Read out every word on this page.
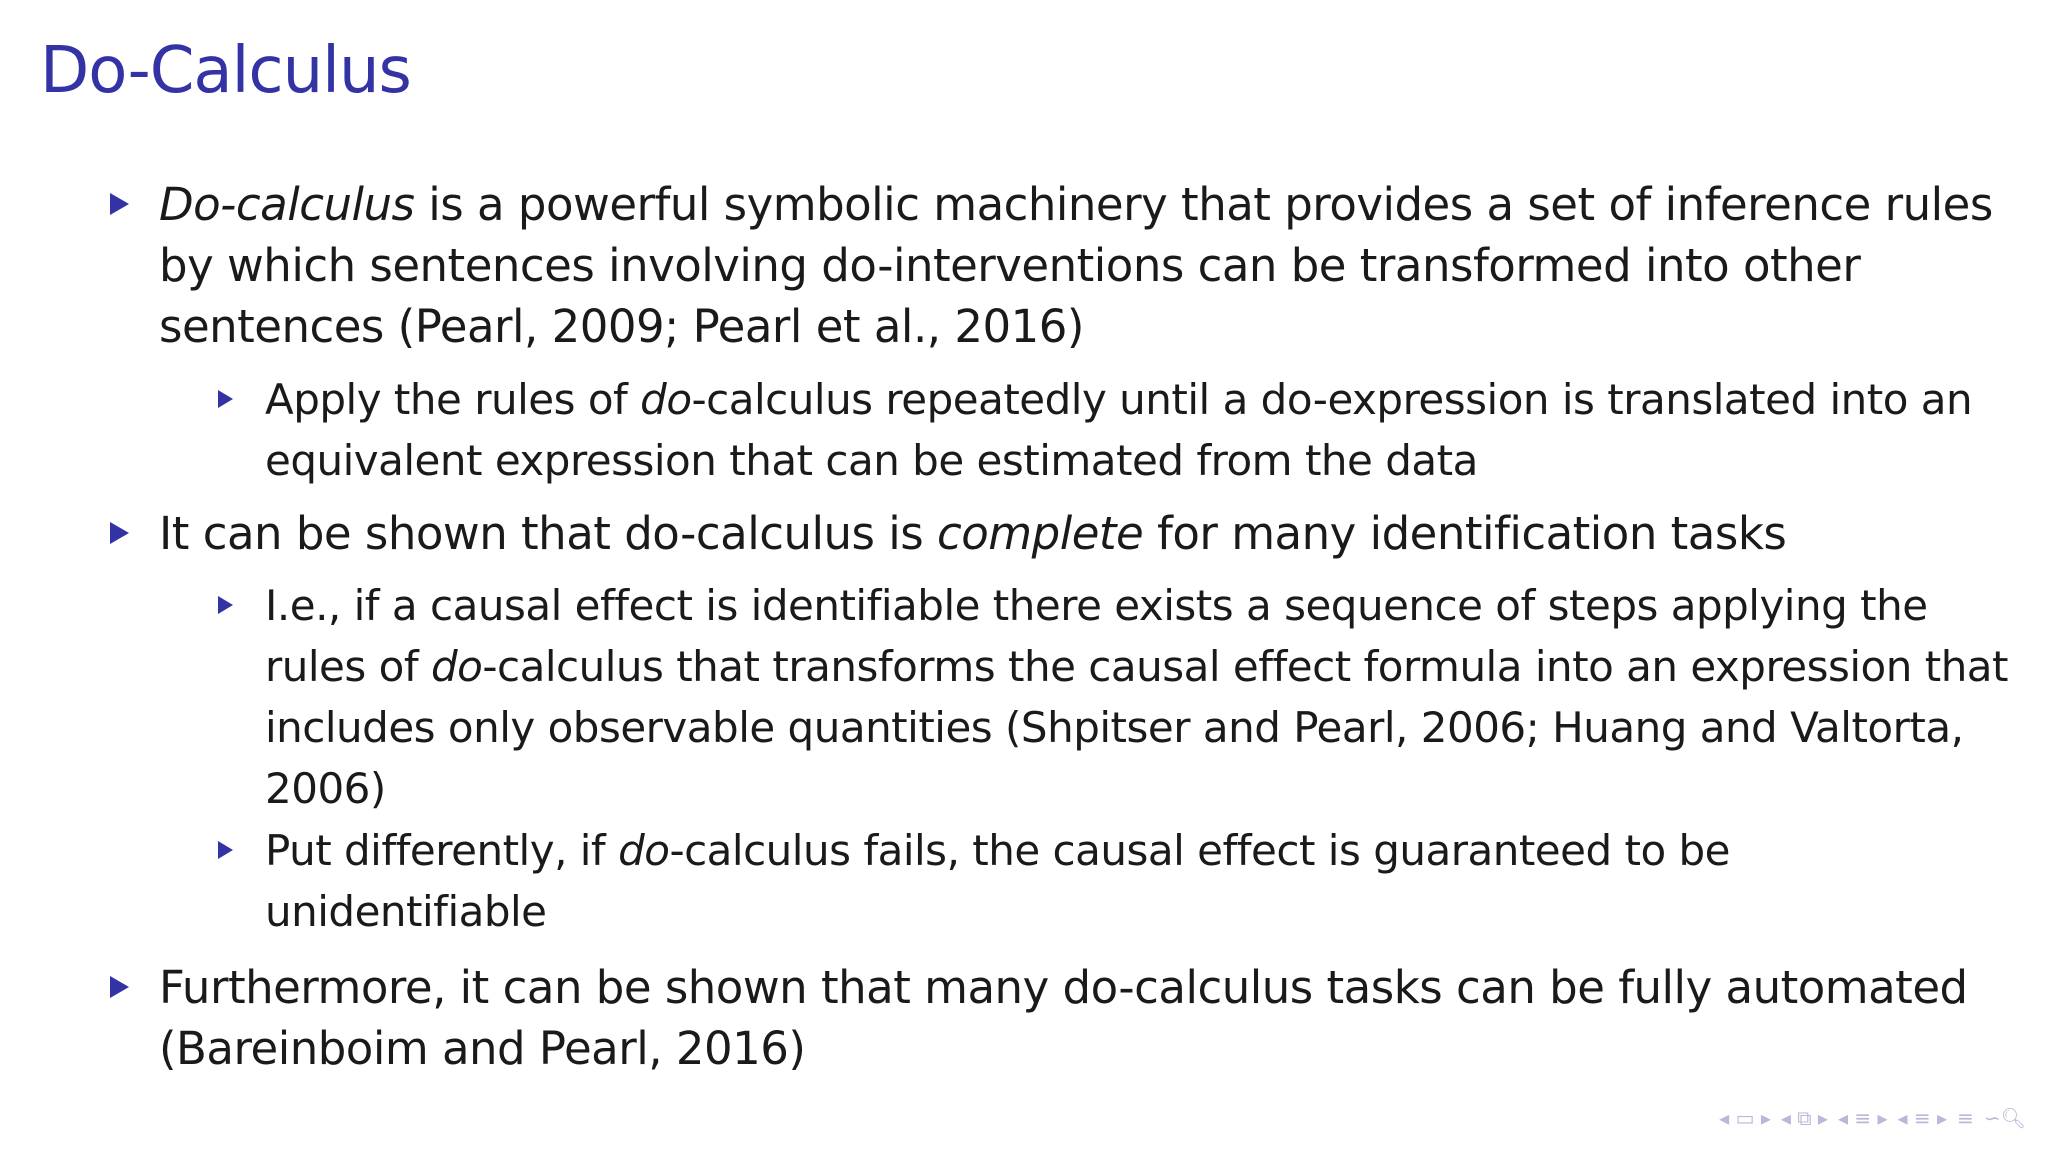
Do-Calculus
Do-calculus is a powerful symbolic machinery that provides a set of inference rules
by which sentences involving do-interventions can be transformed into other
sentences (Pearl, 2009; Pearl et al., 2016)
Apply the rules of do-calculus repeatedly until a do-expression is translated into an
equivalent expression that can be estimated from the data
It can be shown that do-calculus is complete for many identification tasks
I.e., if a causal effect is identifiable there exists a sequence of steps applying the
rules of do-calculus that transforms the causal effect formula into an expression that
includes only observable quantities (Shpitser and Pearl, 2006; Huang and Valtorta,
2006)
Put differently, if do-calculus fails, the causal effect is guaranteed to be
unidentifiable
Furthermore, it can be shown that many do-calculus tasks can be fully automated
(Bareinboim and Pearl, 2016)
◂ ▭ ▸ ◂ ⧉ ▸ ◂ ≡ ▸ ◂ ≡ ▸ ≡ ∽🔍︎
